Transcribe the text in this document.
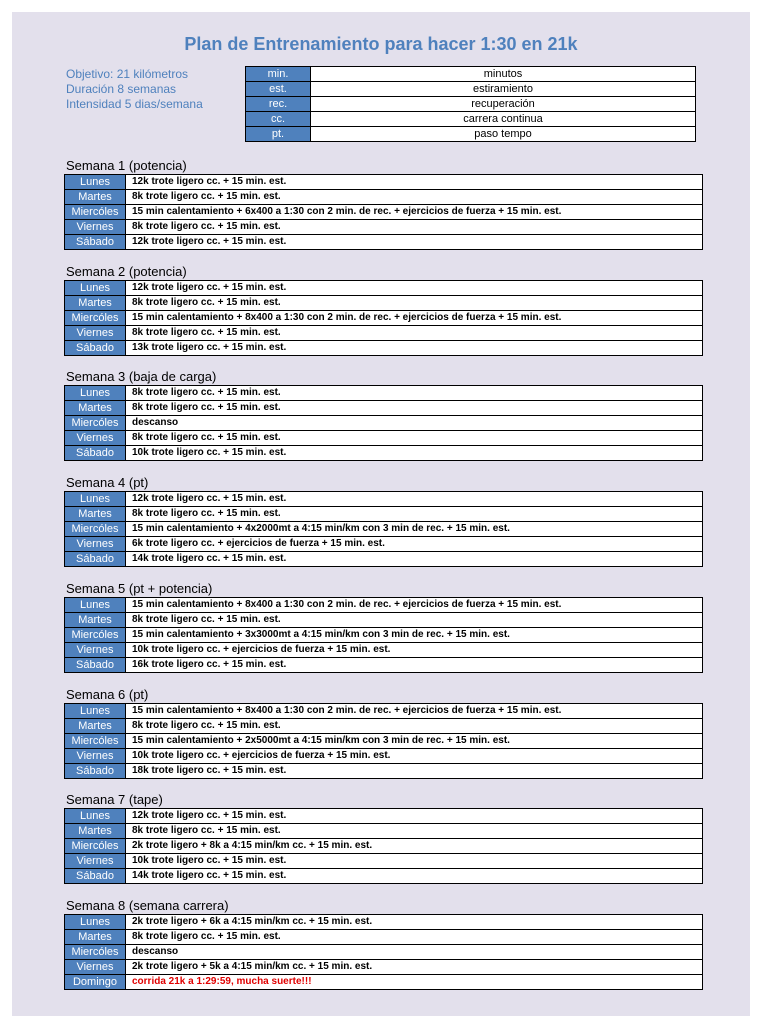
Plan de Entrenamiento para hacer 1:30 en 21k
Objetivo: 21 kilómetros
Duración 8 semanas
Intensidad 5 dias/semana
min.	minutos
est.	estiramiento
rec.	recuperación
cc.	carrera continua
pt.	paso tempo
Semana 1 (potencia)
Lunes	12k trote ligero cc. + 15 min. est.
Martes	8k trote ligero cc. + 15 min. est.
Miercóles	15 min calentamiento + 6x400 a 1:30 con 2 min. de rec. + ejercicios de fuerza + 15 min. est.
Viernes	8k trote ligero cc. + 15 min. est.
Sábado	12k trote ligero cc. + 15 min. est.
Semana 2 (potencia)
Lunes	12k trote ligero cc. + 15 min. est.
Martes	8k trote ligero cc. + 15 min. est.
Miercóles	15 min calentamiento + 8x400 a 1:30 con 2 min. de rec. + ejercicios de fuerza + 15 min. est.
Viernes	8k trote ligero cc. + 15 min. est.
Sábado	13k trote ligero cc. + 15 min. est.
Semana 3 (baja de carga)
Lunes	8k trote ligero cc. + 15 min. est.
Martes	8k trote ligero cc. + 15 min. est.
Miercóles	descanso
Viernes	8k trote ligero cc. + 15 min. est.
Sábado	10k trote ligero cc. + 15 min. est.
Semana 4 (pt)
Lunes	12k trote ligero cc. + 15 min. est.
Martes	8k trote ligero cc. + 15 min. est.
Miercóles	15 min calentamiento + 4x2000mt a 4:15 min/km con 3 min de rec. + 15 min. est.
Viernes	6k trote ligero cc. + ejercicios de fuerza + 15 min. est.
Sábado	14k trote ligero cc. + 15 min. est.
Semana 5 (pt + potencia)
Lunes	15 min calentamiento + 8x400 a 1:30 con 2 min. de rec. + ejercicios de fuerza + 15 min. est.
Martes	8k trote ligero cc. + 15 min. est.
Miercóles	15 min calentamiento + 3x3000mt a 4:15 min/km con 3 min de rec. + 15 min. est.
Viernes	10k trote ligero cc. + ejercicios de fuerza + 15 min. est.
Sábado	16k trote ligero cc. + 15 min. est.
Semana 6 (pt)
Lunes	15 min calentamiento + 8x400 a 1:30 con 2 min. de rec. + ejercicios de fuerza + 15 min. est.
Martes	8k trote ligero cc. + 15 min. est.
Miercóles	15 min calentamiento + 2x5000mt a 4:15 min/km con 3 min de rec. + 15 min. est.
Viernes	10k trote ligero cc. + ejercicios de fuerza + 15 min. est.
Sábado	18k trote ligero cc. + 15 min. est.
Semana 7 (tape)
Lunes	12k trote ligero cc. + 15 min. est.
Martes	8k trote ligero cc. + 15 min. est.
Miercóles	2k trote ligero + 8k a 4:15 min/km cc. + 15 min. est.
Viernes	10k trote ligero cc. + 15 min. est.
Sábado	14k trote ligero cc. + 15 min. est.
Semana 8 (semana carrera)
Lunes	2k trote ligero + 6k a 4:15 min/km cc. + 15 min. est.
Martes	8k trote ligero cc. + 15 min. est.
Miercóles	descanso
Viernes	2k trote ligero + 5k a 4:15 min/km cc. + 15 min. est.
Domingo	corrida 21k a 1:29:59, mucha suerte!!!
